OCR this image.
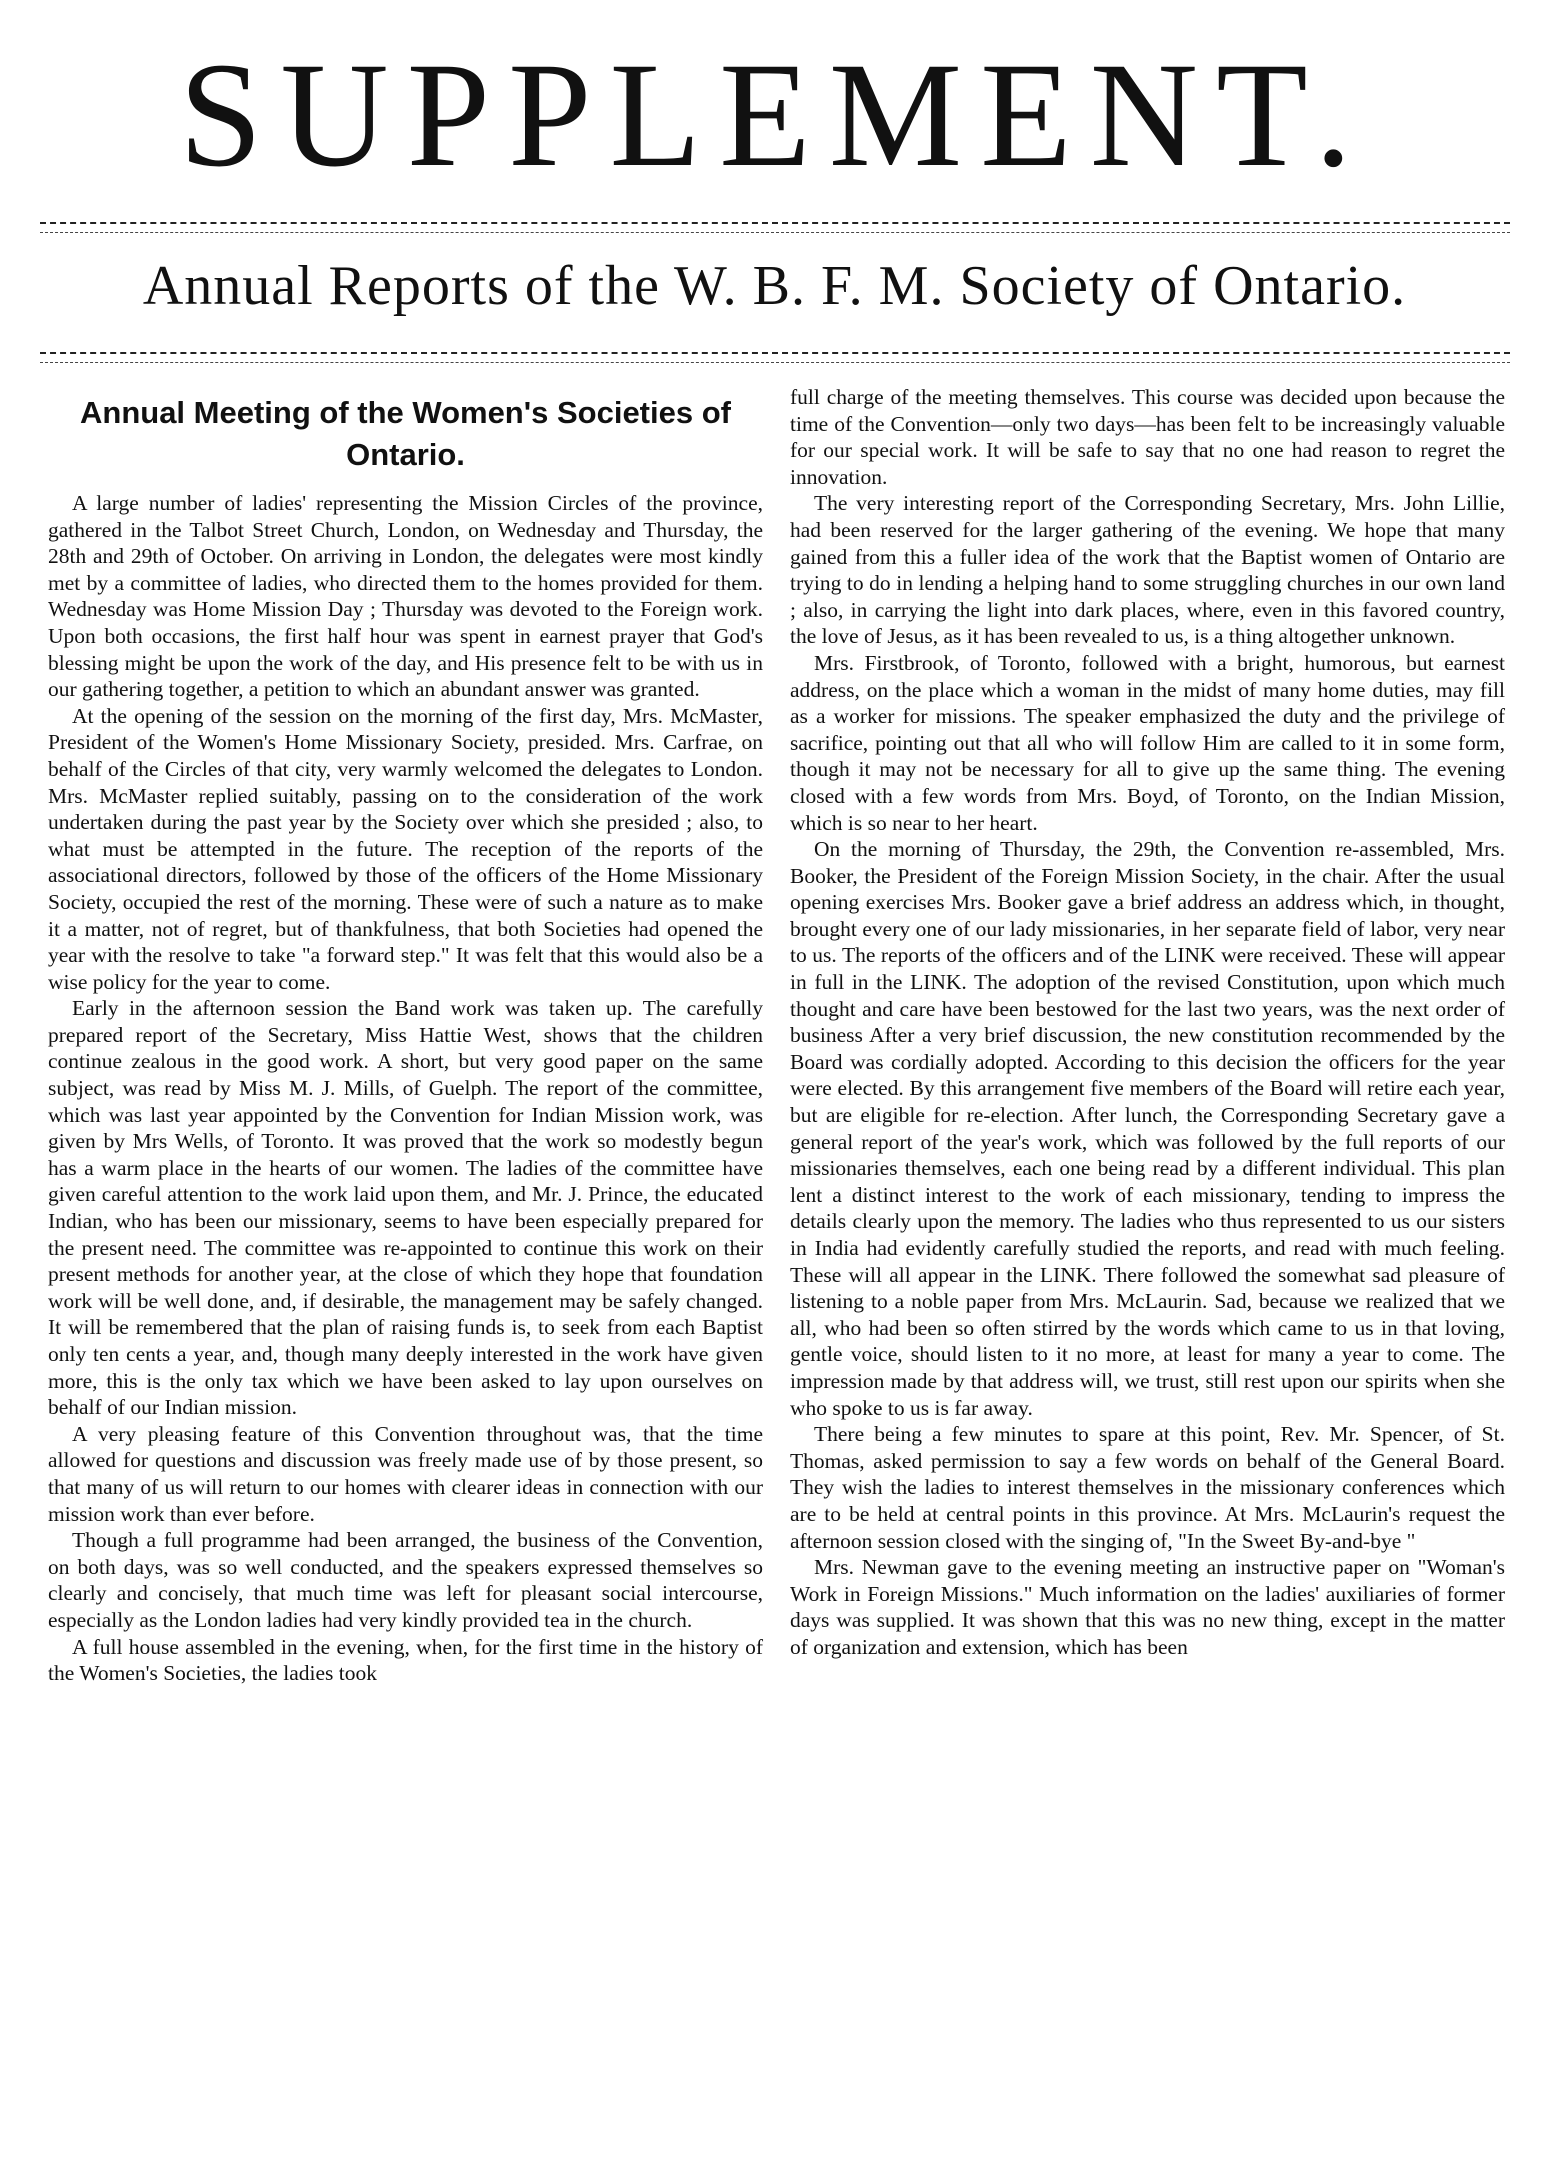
SUPPLEMENT.
Annual Reports of the W. B. F. M. Society of Ontario.
Annual Meeting of the Women's Societies of Ontario.

A large number of ladies' representing the Mission Circles of the province, gathered in the Talbot Street Church, London, on Wednesday and Thursday, the 28th and 29th of October. On arriving in London, the delegates were most kindly met by a committee of ladies, who directed them to the homes provided for them. Wednesday was Home Mission Day ; Thursday was devoted to the Foreign work. Upon both occasions, the first half hour was spent in earnest prayer that God's blessing might be upon the work of the day, and His presence felt to be with us in our gathering together, a petition to which an abundant answer was granted.

At the opening of the session on the morning of the first day, Mrs. McMaster, President of the Women's Home Missionary Society, presided. Mrs. Carfrae, on behalf of the Circles of that city, very warmly welcomed the delegates to London. Mrs. McMaster replied suitably, passing on to the consideration of the work undertaken during the past year by the Society over which she presided ; also, to what must be attempted in the future. The reception of the reports of the associational directors, followed by those of the officers of the Home Missionary Society, occupied the rest of the morning. These were of such a nature as to make it a matter, not of regret, but of thankfulness, that both Societies had opened the year with the resolve to take "a forward step." It was felt that this would also be a wise policy for the year to come.

Early in the afternoon session the Band work was taken up. The carefully prepared report of the Secretary, Miss Hattie West, shows that the children continue zealous in the good work. A short, but very good paper on the same subject, was read by Miss M. J. Mills, of Guelph. The report of the committee, which was last year appointed by the Convention for Indian Mission work, was given by Mrs Wells, of Toronto. It was proved that the work so modestly begun has a warm place in the hearts of our women. The ladies of the committee have given careful attention to the work laid upon them, and Mr. J. Prince, the educated Indian, who has been our missionary, seems to have been especially prepared for the present need. The committee was re-appointed to continue this work on their present methods for another year, at the close of which they hope that foundation work will be well done, and, if desirable, the management may be safely changed. It will be remembered that the plan of raising funds is, to seek from each Baptist only ten cents a year, and, though many deeply interested in the work have given more, this is the only tax which we have been asked to lay upon ourselves on behalf of our Indian mission.

A very pleasing feature of this Convention throughout was, that the time allowed for questions and discussion was freely made use of by those present, so that many of us will return to our homes with clearer ideas in connection with our mission work than ever before.

Though a full programme had been arranged, the business of the Convention, on both days, was so well conducted, and the speakers expressed themselves so clearly and concisely, that much time was left for pleasant social intercourse, especially as the London ladies had very kindly provided tea in the church.

A full house assembled in the evening, when, for the first time in the history of the Women's Societies, the ladies took

full charge of the meeting themselves. This course was decided upon because the time of the Convention—only two days—has been felt to be increasingly valuable for our special work. It will be safe to say that no one had reason to regret the innovation.

The very interesting report of the Corresponding Secretary, Mrs. John Lillie, had been reserved for the larger gathering of the evening. We hope that many gained from this a fuller idea of the work that the Baptist women of Ontario are trying to do in lending a helping hand to some struggling churches in our own land ; also, in carrying the light into dark places, where, even in this favored country, the love of Jesus, as it has been revealed to us, is a thing altogether unknown.

Mrs. Firstbrook, of Toronto, followed with a bright, humorous, but earnest address, on the place which a woman in the midst of many home duties, may fill as a worker for missions. The speaker emphasized the duty and the privilege of sacrifice, pointing out that all who will follow Him are called to it in some form, though it may not be necessary for all to give up the same thing. The evening closed with a few words from Mrs. Boyd, of Toronto, on the Indian Mission, which is so near to her heart.

On the morning of Thursday, the 29th, the Convention re-assembled, Mrs. Booker, the President of the Foreign Mission Society, in the chair. After the usual opening exercises Mrs. Booker gave a brief address an address which, in thought, brought every one of our lady missionaries, in her separate field of labor, very near to us. The reports of the officers and of the LINK were received. These will appear in full in the LINK. The adoption of the revised Constitution, upon which much thought and care have been bestowed for the last two years, was the next order of business After a very brief discussion, the new constitution recommended by the Board was cordially adopted. According to this decision the officers for the year were elected. By this arrangement five members of the Board will retire each year, but are eligible for re-election. After lunch, the Corresponding Secretary gave a general report of the year's work, which was followed by the full reports of our missionaries themselves, each one being read by a different individual. This plan lent a distinct interest to the work of each missionary, tending to impress the details clearly upon the memory. The ladies who thus represented to us our sisters in India had evidently carefully studied the reports, and read with much feeling. These will all appear in the LINK. There followed the somewhat sad pleasure of listening to a noble paper from Mrs. McLaurin. Sad, because we realized that we all, who had been so often stirred by the words which came to us in that loving, gentle voice, should listen to it no more, at least for many a year to come. The impression made by that address will, we trust, still rest upon our spirits when she who spoke to us is far away.

There being a few minutes to spare at this point, Rev. Mr. Spencer, of St. Thomas, asked permission to say a few words on behalf of the General Board. They wish the ladies to interest themselves in the missionary conferences which are to be held at central points in this province. At Mrs. McLaurin's request the afternoon session closed with the singing of, "In the Sweet By-and-bye "

Mrs. Newman gave to the evening meeting an instructive paper on "Woman's Work in Foreign Missions." Much information on the ladies' auxiliaries of former days was supplied. It was shown that this was no new thing, except in the matter of organization and extension, which has been
